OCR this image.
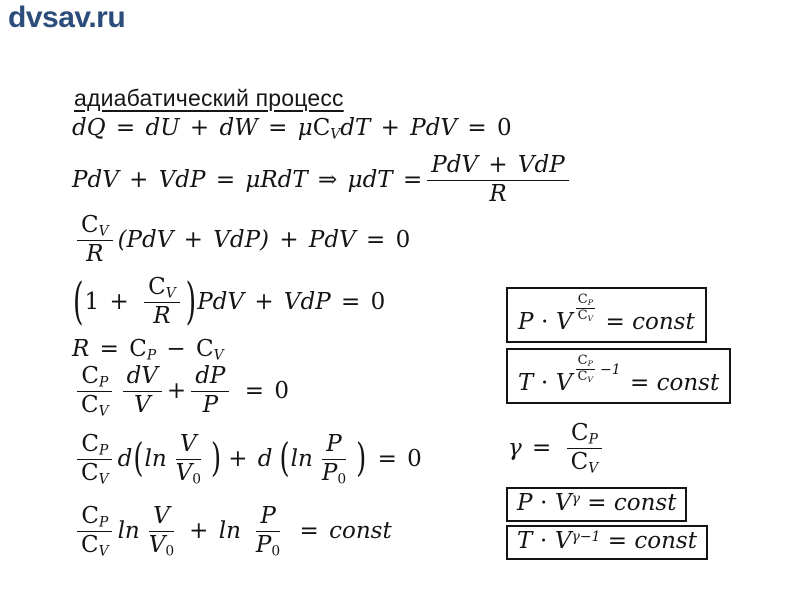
dvsav.ru
адиабатический процесс
dQ = dU + dW = $\mu C_VdT$ + PdV = 0
PdV + VdP = μRdT ⇒ $\mu dT = \frac{\text{PdV + VdP}}{R}$
$\frac{C_V}{R} (PdV + VdP)$ + PdV = 0
( $1 + \frac{C_V}{R}$ ) PdV + VdP = 0
$R = C_P - C_V$
$\frac{C_P}{C_V} \frac{dV}{V} + \frac{dP}{P} = 0$
$\frac{C_P}{C_V}$ d ( $\ln \frac{V}{V_0}$ ) + d ( $\ln \frac{P}{P_0}$ ) = 0
$\frac{C_P}{C_V}$ $\ln \frac{V}{V_0} + \ln \frac{P}{P_0}$ = const
P ⋅ V $\frac{C_P}{C_V}$ = const
T ⋅ V $\frac{C_P}{C_V} -1$ = const
$\gamma = \frac{C_P}{C_V}$
$P \cdot V^\gamma$ = const
$T \cdot V^{\gamma-1}$ = const
